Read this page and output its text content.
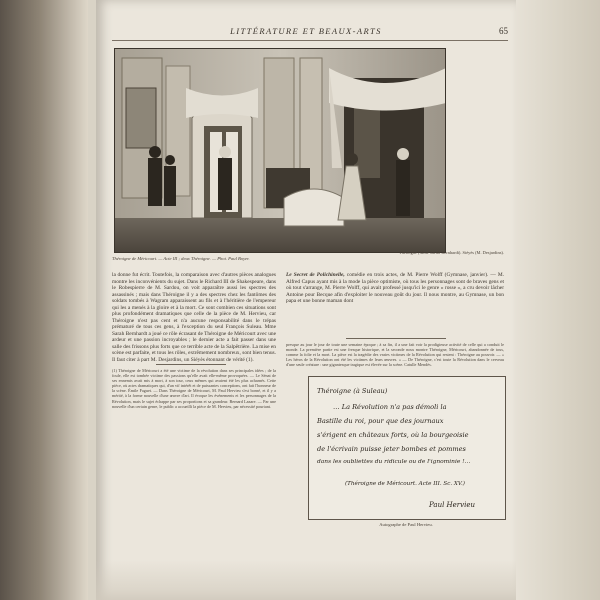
LITTÉRATURE ET BEAUX-ARTS	65
Théroigne de Méricourt. — Acte III ; deux Théroigne. — Phot. Paul Boyer.
Théroigne (Mme Sarah-Bernhardt). Siéyès (M. Desjardins).
la donne fut écrit. Toutefois, la comparaison avec d'autres pièces analogues montre les inconvénients du sujet. Dans le Richard III de Shakespeare, dans le Robespierre de M. Sardou, on voit apparaître aussi les spectres des assassinés ; mais dans Théroigne il y a des spectres chez les fantômes des soldats tombés à Wagram apparaissent au fils et à l'héritière de l'empereur qui les a menés à la gloire et à la mort. Ce sont combien ces situations sont plus profondément dramatiques que celle de la pièce de M. Hervieu, car Théroigne n'est pas cent et n'a aucune responsabilité dans le trépas prématuré de tous ces gens, à l'exception du seul François Suleau. Mme Sarah Bernhardt a joué ce rôle écrasant de Théroigne de Méricourt avec une ardeur et une passion incroyables ; le dernier acte a fait passer dans une salle des frissons plus forts que ce terrible acte de la Salpêtrière. La mise en scène est parfaite, et tous les rôles, extrêmement nombreux, sont bien tenus. Il faut citer à part M. Desjardins, un Siéyès étonnant de vérité (1).
(1) Théroigne de Méricourt a été une victime de la révolution dans ses principales idées ; de la foule, elle est tombée victime des passions qu'elle avait elle-même provoquées. — Le Sénat de ses ennemis avait mis à mort, à son tour, ceux mêmes qui avaient été les plus acharnés. Cette pièce, où actes dramatiques qui, d'un vif intérêt et de puissantes conceptions, ont fait l'honneur de la scène. Émile Faguet. — Dans Théroigne de Méricourt, M. Paul Hervieu s'est borné, et il y a mérité, à la forme nouvelle d'une œuvre d'art. Il évoque les événements et les personnages de la Révolution, mais le sujet échappe par ses proportions et sa grandeur. Bernard Lazare. — Par une nouvelle d'un certain genre, le public a accueilli la pièce de M. Hervieu, par nécessité pourtant.
Le Secret de Polichinelle, comédie en trois actes, de M. Pierre Wolff (Gymnase, janvier). — M. Alfred Capus ayant mis à la mode la pièce optimiste, où tous les personnages sont de braves gens et où tout s'arrange, M. Pierre Wolff, qui avait professé jusqu'ici le genre « rosse », a cru devoir lâcher Antoine pour Becque afin d'exploiter le nouveau goût du jour. Il nous montre, au Gymnase, un bon papa et une bonne maman dont
presque au jour le jour de toute une semaine époque ; à sa fin, il a une fait voir la prodigieuse activité de celle qui a conduit le monde. La première partie est une fresque historique, et la seconde nous montre Théroigne, Méricourt, abandonnée de tous, comme la folie et la mort. La pièce est la tragédie des vraies victimes de la Révolution qui restent : Théroigne au pouvoir. — « Les héros de la Révolution ont été les victimes de leurs œuvres. » — De Théroigne, c'est toute la Révolution dans le cerveau d'une seule créature : une gigantesque tragique est élevée sur la scène. Catulle Mendès.
Théroigne (à Suleau)
… La Révolution n'a pas démoli la
Bastille du roi, pour que des journaux
s'érigent en châteaux forts, où la bourgeoisie
de l'écrivain puisse jeter bombes et pommes
dans les oubliettes du ridicule ou de l'ignominie !…
(Théroigne de Méricourt. Acte III. Sc. XV.)
Paul Hervieu
Autographe de Paul Hervieu.
